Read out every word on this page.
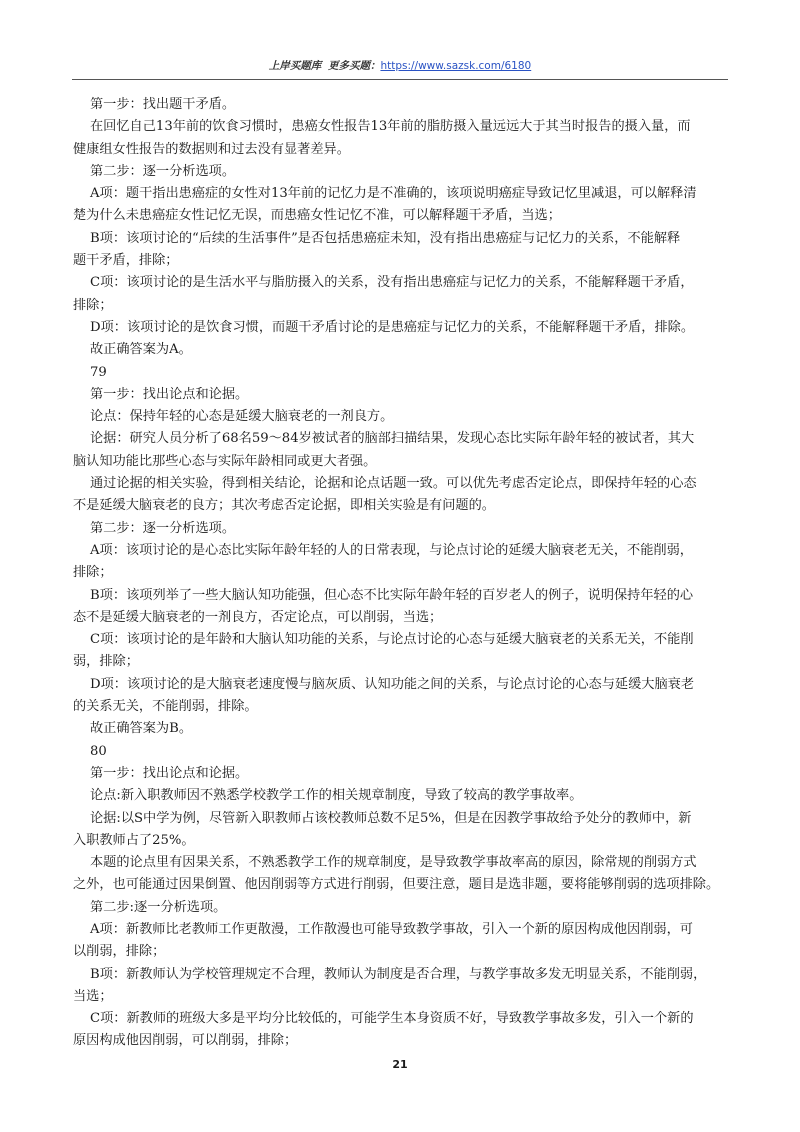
上岸买题库 更多买题：https://www.sazsk.com/6180
第一步：找出题干矛盾。
在回忆自己13年前的饮食习惯时，患癌女性报告13年前的脂肪摄入量远远大于其当时报告的摄入量，而
健康组女性报告的数据则和过去没有显著差异。
第二步：逐一分析选项。
A项：题干指出患癌症的女性对13年前的记忆力是不准确的，该项说明癌症导致记忆里减退，可以解释清
楚为什么未患癌症女性记忆无误，而患癌女性记忆不准，可以解释题干矛盾，当选；
B项：该项讨论的“后续的生活事件”是否包括患癌症未知，没有指出患癌症与记忆力的关系，不能解释
题干矛盾，排除；
C项：该项讨论的是生活水平与脂肪摄入的关系，没有指出患癌症与记忆力的关系，不能解释题干矛盾，
排除；
D项：该项讨论的是饮食习惯，而题干矛盾讨论的是患癌症与记忆力的关系，不能解释题干矛盾，排除。
故正确答案为A。
79
第一步：找出论点和论据。
论点：保持年轻的心态是延缓大脑衰老的一剂良方。
论据：研究人员分析了68名59～84岁被试者的脑部扫描结果，发现心态比实际年龄年轻的被试者，其大
脑认知功能比那些心态与实际年龄相同或更大者强。
通过论据的相关实验，得到相关结论，论据和论点话题一致。可以优先考虑否定论点，即保持年轻的心态
不是延缓大脑衰老的良方；其次考虑否定论据，即相关实验是有问题的。
第二步：逐一分析选项。
A项：该项讨论的是心态比实际年龄年轻的人的日常表现，与论点讨论的延缓大脑衰老无关，不能削弱，
排除；
B项：该项列举了一些大脑认知功能强，但心态不比实际年龄年轻的百岁老人的例子，说明保持年轻的心
态不是延缓大脑衰老的一剂良方，否定论点，可以削弱，当选；
C项：该项讨论的是年龄和大脑认知功能的关系，与论点讨论的心态与延缓大脑衰老的关系无关，不能削
弱，排除；
D项：该项讨论的是大脑衰老速度慢与脑灰质、认知功能之间的关系，与论点讨论的心态与延缓大脑衰老
的关系无关，不能削弱，排除。
故正确答案为B。
80
第一步：找出论点和论据。
论点:新入职教师因不熟悉学校教学工作的相关规章制度，导致了较高的教学事故率。
论据:以S中学为例，尽管新入职教师占该校教师总数不足5%，但是在因教学事故给予处分的教师中，新
入职教师占了25%。
本题的论点里有因果关系，不熟悉教学工作的规章制度，是导致教学事故率高的原因，除常规的削弱方式
之外，也可能通过因果倒置、他因削弱等方式进行削弱，但要注意，题目是选非题，要将能够削弱的选项排除。
第二步:逐一分析选项。
A项：新教师比老教师工作更散漫，工作散漫也可能导致教学事故，引入一个新的原因构成他因削弱，可
以削弱，排除；
B项：新教师认为学校管理规定不合理，教师认为制度是否合理，与教学事故多发无明显关系，不能削弱，
当选；
C项：新教师的班级大多是平均分比较低的，可能学生本身资质不好，导致教学事故多发，引入一个新的
原因构成他因削弱，可以削弱，排除；
21
